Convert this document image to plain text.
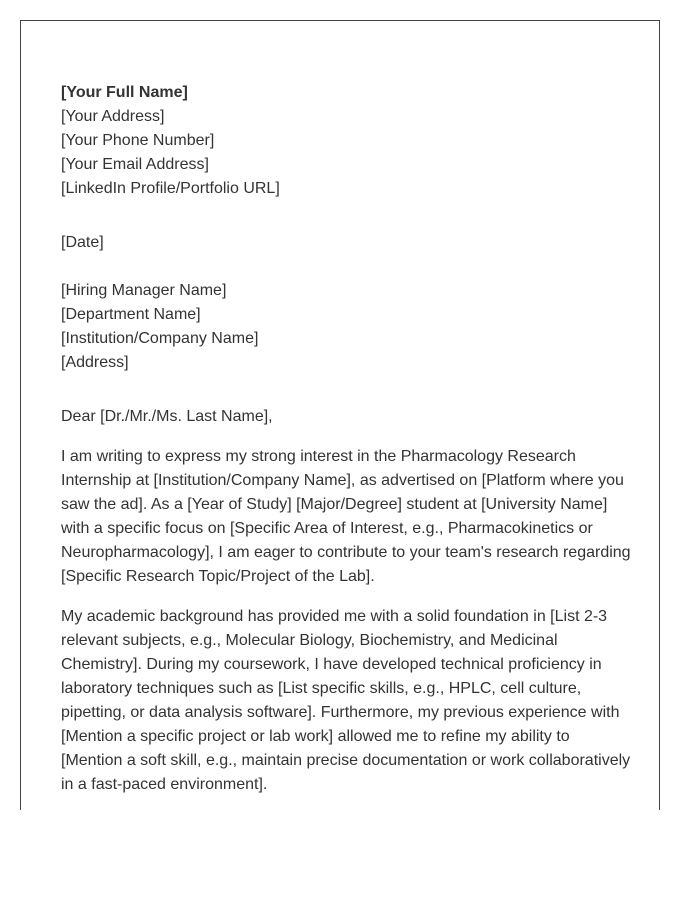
[Your Full Name]
[Your Address]
[Your Phone Number]
[Your Email Address]
[LinkedIn Profile/Portfolio URL]
[Date]
[Hiring Manager Name]
[Department Name]
[Institution/Company Name]
[Address]
Dear [Dr./Mr./Ms. Last Name],

I am writing to express my strong interest in the Pharmacology Research Internship at [Institution/Company Name], as advertised on [Platform where you saw the ad]. As a [Year of Study] [Major/Degree] student at [University Name] with a specific focus on [Specific Area of Interest, e.g., Pharmacokinetics or Neuropharmacology], I am eager to contribute to your team's research regarding [Specific Research Topic/Project of the Lab].

My academic background has provided me with a solid foundation in [List 2-3 relevant subjects, e.g., Molecular Biology, Biochemistry, and Medicinal Chemistry]. During my coursework, I have developed technical proficiency in laboratory techniques such as [List specific skills, e.g., HPLC, cell culture, pipetting, or data analysis software]. Furthermore, my previous experience with [Mention a specific project or lab work] allowed me to refine my ability to [Mention a soft skill, e.g., maintain precise documentation or work collaboratively in a fast-paced environment].
